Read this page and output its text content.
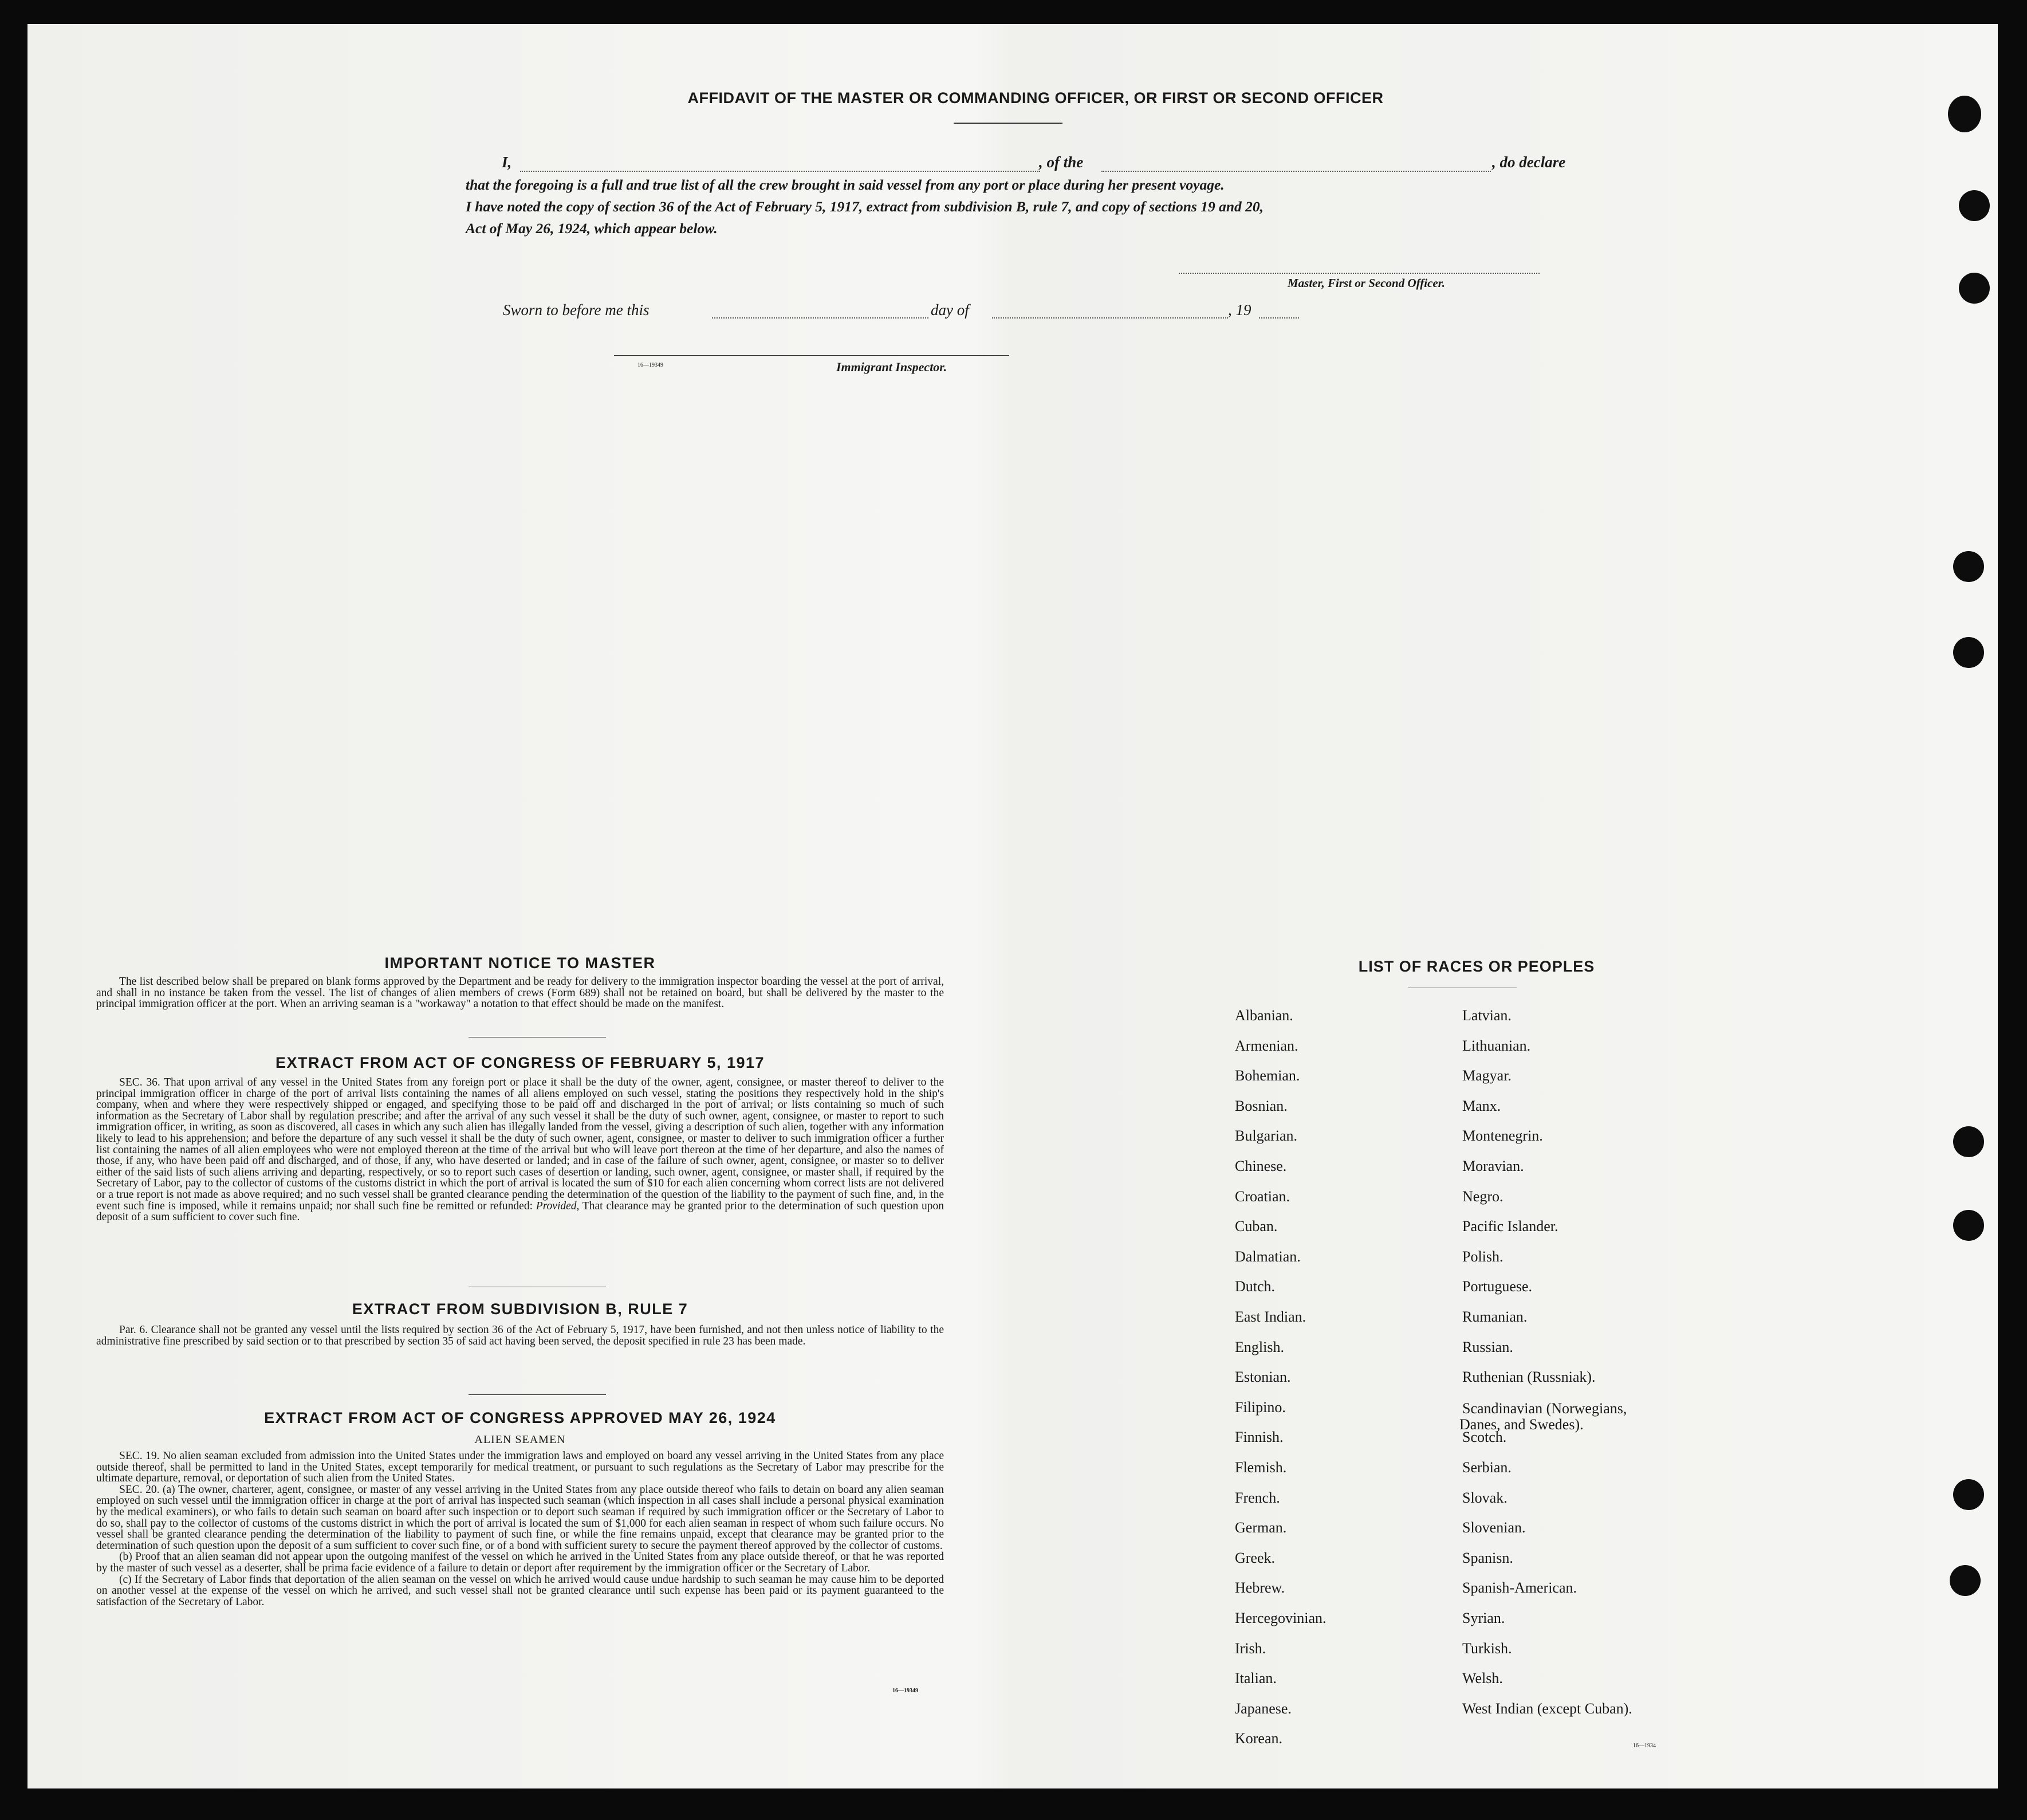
AFFIDAVIT OF THE MASTER OR COMMANDING OFFICER, OR FIRST OR SECOND OFFICER
I,	, of the	, do declare
that the foregoing is a full and true list of all the crew brought in said vessel from any port or place during her present voyage.
I have noted the copy of section 36 of the Act of February 5, 1917, extract from subdivision B, rule 7, and copy of sections 19 and 20,
Act of May 26, 1924, which appear below.
Master, First or Second Officer.
Sworn to before me this	day of	, 19
16—19349	Immigrant Inspector.
IMPORTANT NOTICE TO MASTER
The list described below shall be prepared on blank forms approved by the Department and be ready for delivery to the immigration inspector boarding the vessel at the port of arrival, and shall in no instance be taken from the vessel. The list of changes of alien members of crews (Form 689) shall not be retained on board, but shall be delivered by the master to the principal immigration officer at the port. When an arriving seaman is a "workaway" a notation to that effect should be made on the manifest.
EXTRACT FROM ACT OF CONGRESS OF FEBRUARY 5, 1917
SEC. 36. That upon arrival of any vessel in the United States from any foreign port or place it shall be the duty of the owner, agent, consignee, or master thereof to deliver to the principal immigration officer in charge of the port of arrival lists containing the names of all aliens employed on such vessel, stating the positions they respectively hold in the ship's company, when and where they were respectively shipped or engaged, and specifying those to be paid off and discharged in the port of arrival; or lists containing so much of such information as the Secretary of Labor shall by regulation prescribe; and after the arrival of any such vessel it shall be the duty of such owner, agent, consignee, or master to report to such immigration officer, in writing, as soon as discovered, all cases in which any such alien has illegally landed from the vessel, giving a description of such alien, together with any information likely to lead to his apprehension; and before the departure of any such vessel it shall be the duty of such owner, agent, consignee, or master to deliver to such immigration officer a further list containing the names of all alien employees who were not employed thereon at the time of the arrival but who will leave port thereon at the time of her departure, and also the names of those, if any, who have been paid off and discharged, and of those, if any, who have deserted or landed; and in case of the failure of such owner, agent, consignee, or master so to deliver either of the said lists of such aliens arriving and departing, respectively, or so to report such cases of desertion or landing, such owner, agent, consignee, or master shall, if required by the Secretary of Labor, pay to the collector of customs of the customs district in which the port of arrival is located the sum of $10 for each alien concerning whom correct lists are not delivered or a true report is not made as above required; and no such vessel shall be granted clearance pending the determination of the question of the liability to the payment of such fine, and, in the event such fine is imposed, while it remains unpaid; nor shall such fine be remitted or refunded: Provided, That clearance may be granted prior to the determination of such question upon deposit of a sum sufficient to cover such fine.
EXTRACT FROM SUBDIVISION B, RULE 7
Par. 6. Clearance shall not be granted any vessel until the lists required by section 36 of the Act of February 5, 1917, have been furnished, and not then unless notice of liability to the administrative fine prescribed by said section or to that prescribed by section 35 of said act having been served, the deposit specified in rule 23 has been made.
EXTRACT FROM ACT OF CONGRESS APPROVED MAY 26, 1924
ALIEN SEAMEN
SEC. 19. No alien seaman excluded from admission into the United States under the immigration laws and employed on board any vessel arriving in the United States from any place outside thereof, shall be permitted to land in the United States, except temporarily for medical treatment, or pursuant to such regulations as the Secretary of Labor may prescribe for the ultimate departure, removal, or deportation of such alien from the United States.
SEC. 20. (a) The owner, charterer, agent, consignee, or master of any vessel arriving in the United States from any place outside thereof who fails to detain on board any alien seaman employed on such vessel until the immigration officer in charge at the port of arrival has inspected such seaman (which inspection in all cases shall include a personal physical examination by the medical examiners), or who fails to detain such seaman on board after such inspection or to deport such seaman if required by such immigration officer or the Secretary of Labor to do so, shall pay to the collector of customs of the customs district in which the port of arrival is located the sum of $1,000 for each alien seaman in respect of whom such failure occurs. No vessel shall be granted clearance pending the determination of the liability to payment of such fine, or while the fine remains unpaid, except that clearance may be granted prior to the determination of such question upon the deposit of a sum sufficient to cover such fine, or of a bond with sufficient surety to secure the payment thereof approved by the collector of customs.
(b) Proof that an alien seaman did not appear upon the outgoing manifest of the vessel on which he arrived in the United States from any place outside thereof, or that he was reported by the master of such vessel as a deserter, shall be prima facie evidence of a failure to detain or deport after requirement by the immigration officer or the Secretary of Labor.
(c) If the Secretary of Labor finds that deportation of the alien seaman on the vessel on which he arrived would cause undue hardship to such seaman he may cause him to be deported on another vessel at the expense of the vessel on which he arrived, and such vessel shall not be granted clearance until such expense has been paid or its payment guaranteed to the satisfaction of the Secretary of Labor.
16—19349
LIST OF RACES OR PEOPLES
16—1934
Albanian.
Armenian.
Bohemian.
Bosnian.
Bulgarian.
Chinese.
Croatian.
Cuban.
Dalmatian.
Dutch.
East Indian.
English.
Estonian.
Filipino.
Finnish.
Flemish.
French.
German.
Greek.
Hebrew.
Hercegovinian.
Irish.
Italian.
Japanese.
Korean.
Latvian.
Lithuanian.
Magyar.
Manx.
Montenegrin.
Moravian.
Negro.
Pacific Islander.
Polish.
Portuguese.
Rumanian.
Russian.
Ruthenian (Russniak).
Scandinavian (Norwegians,
Danes, and Swedes).
Scotch.
Serbian.
Slovak.
Slovenian.
Spanisn.
Spanish-American.
Syrian.
Turkish.
Welsh.
West Indian (except Cuban).
